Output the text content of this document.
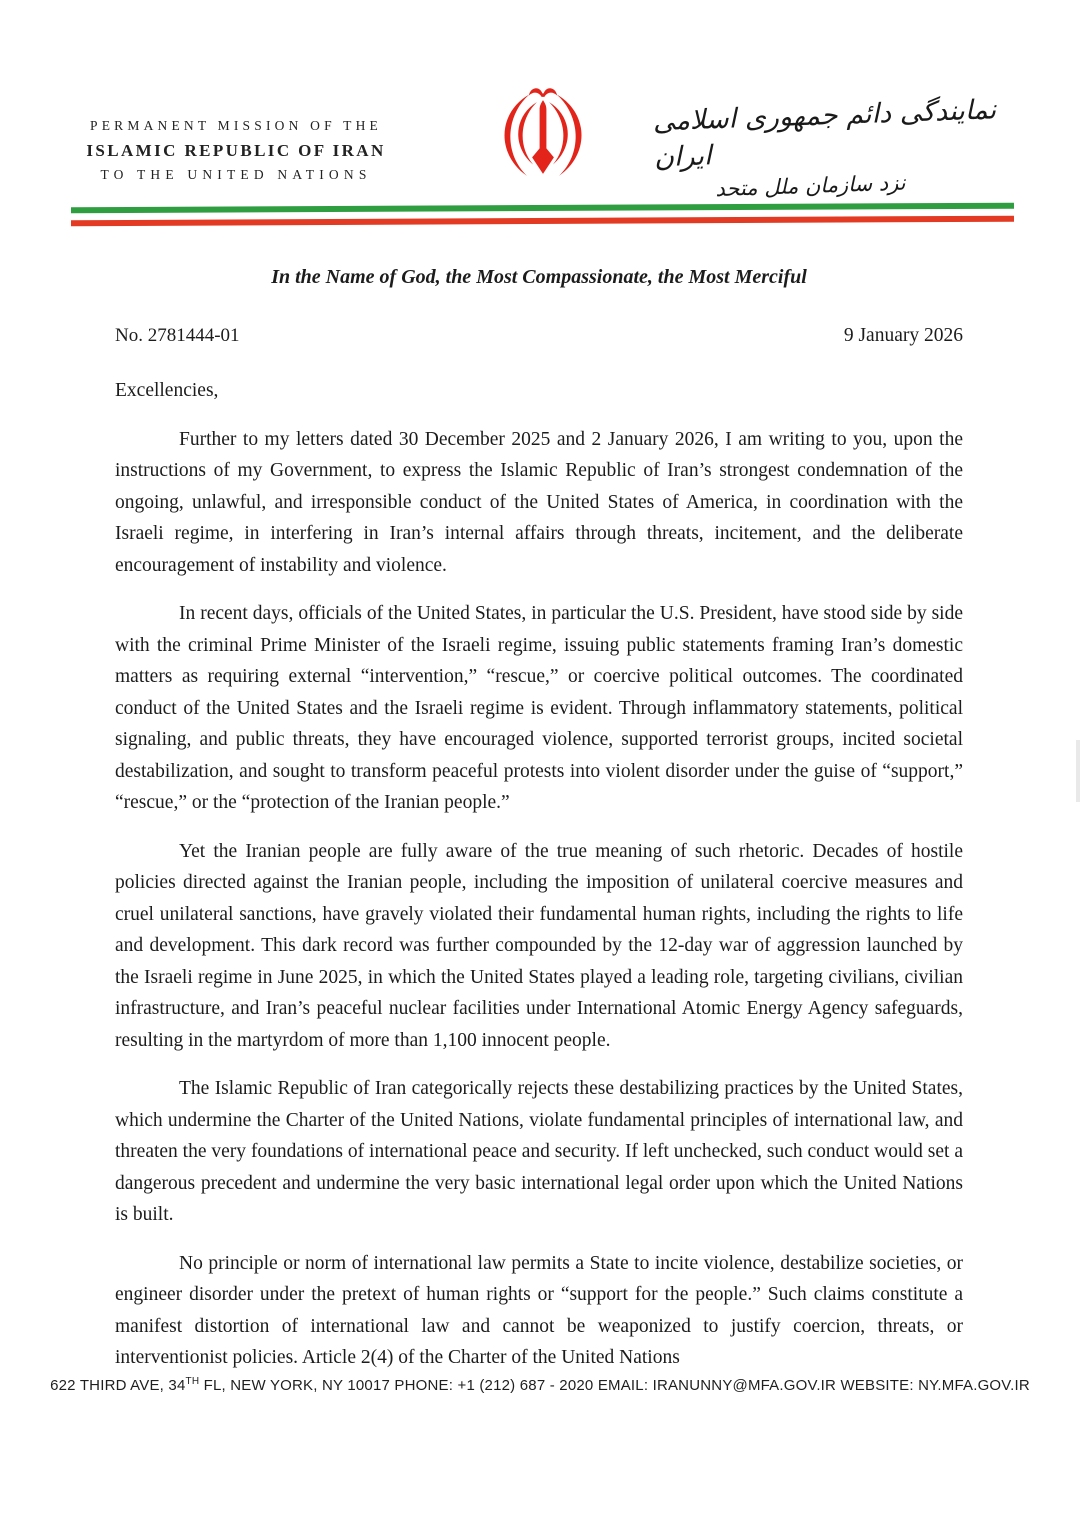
PERMANENT MISSION OF THE
ISLAMIC REPUBLIC OF IRAN
TO THE UNITED NATIONS
نمایندگی دائم جمهوری اسلامی ایران
نزد سازمان ملل متحد
In the Name of God, the Most Compassionate, the Most Merciful
No. 2781444-01	9 January 2026
Excellencies,

Further to my letters dated 30 December 2025 and 2 January 2026, I am writing to you, upon the instructions of my Government, to express the Islamic Republic of Iran’s strongest condemnation of the ongoing, unlawful, and irresponsible conduct of the United States of America, in coordination with the Israeli regime, in interfering in Iran’s internal affairs through threats, incitement, and the deliberate encouragement of instability and violence.

In recent days, officials of the United States, in particular the U.S. President, have stood side by side with the criminal Prime Minister of the Israeli regime, issuing public statements framing Iran’s domestic matters as requiring external “intervention,” “rescue,” or coercive political outcomes. The coordinated conduct of the United States and the Israeli regime is evident. Through inflammatory statements, political signaling, and public threats, they have encouraged violence, supported terrorist groups, incited societal destabilization, and sought to transform peaceful protests into violent disorder under the guise of “support,” “rescue,” or the “protection of the Iranian people.”

Yet the Iranian people are fully aware of the true meaning of such rhetoric. Decades of hostile policies directed against the Iranian people, including the imposition of unilateral coercive measures and cruel unilateral sanctions, have gravely violated their fundamental human rights, including the rights to life and development. This dark record was further compounded by the 12-day war of aggression launched by the Israeli regime in June 2025, in which the United States played a leading role, targeting civilians, civilian infrastructure, and Iran’s peaceful nuclear facilities under International Atomic Energy Agency safeguards, resulting in the martyrdom of more than 1,100 innocent people.

The Islamic Republic of Iran categorically rejects these destabilizing practices by the United States, which undermine the Charter of the United Nations, violate fundamental principles of international law, and threaten the very foundations of international peace and security. If left unchecked, such conduct would set a dangerous precedent and undermine the very basic international legal order upon which the United Nations is built.

No principle or norm of international law permits a State to incite violence, destabilize societies, or engineer disorder under the pretext of human rights or “support for the people.” Such claims constitute a manifest distortion of international law and cannot be weaponized to justify coercion, threats, or interventionist policies. Article 2(4) of the Charter of the United Nations

622 THIRD AVE, 34TH FL, NEW YORK, NY 10017 PHONE: +1 (212) 687 - 2020 EMAIL: IRANUNNY@MFA.GOV.IR WEBSITE: NY.MFA.GOV.IR
